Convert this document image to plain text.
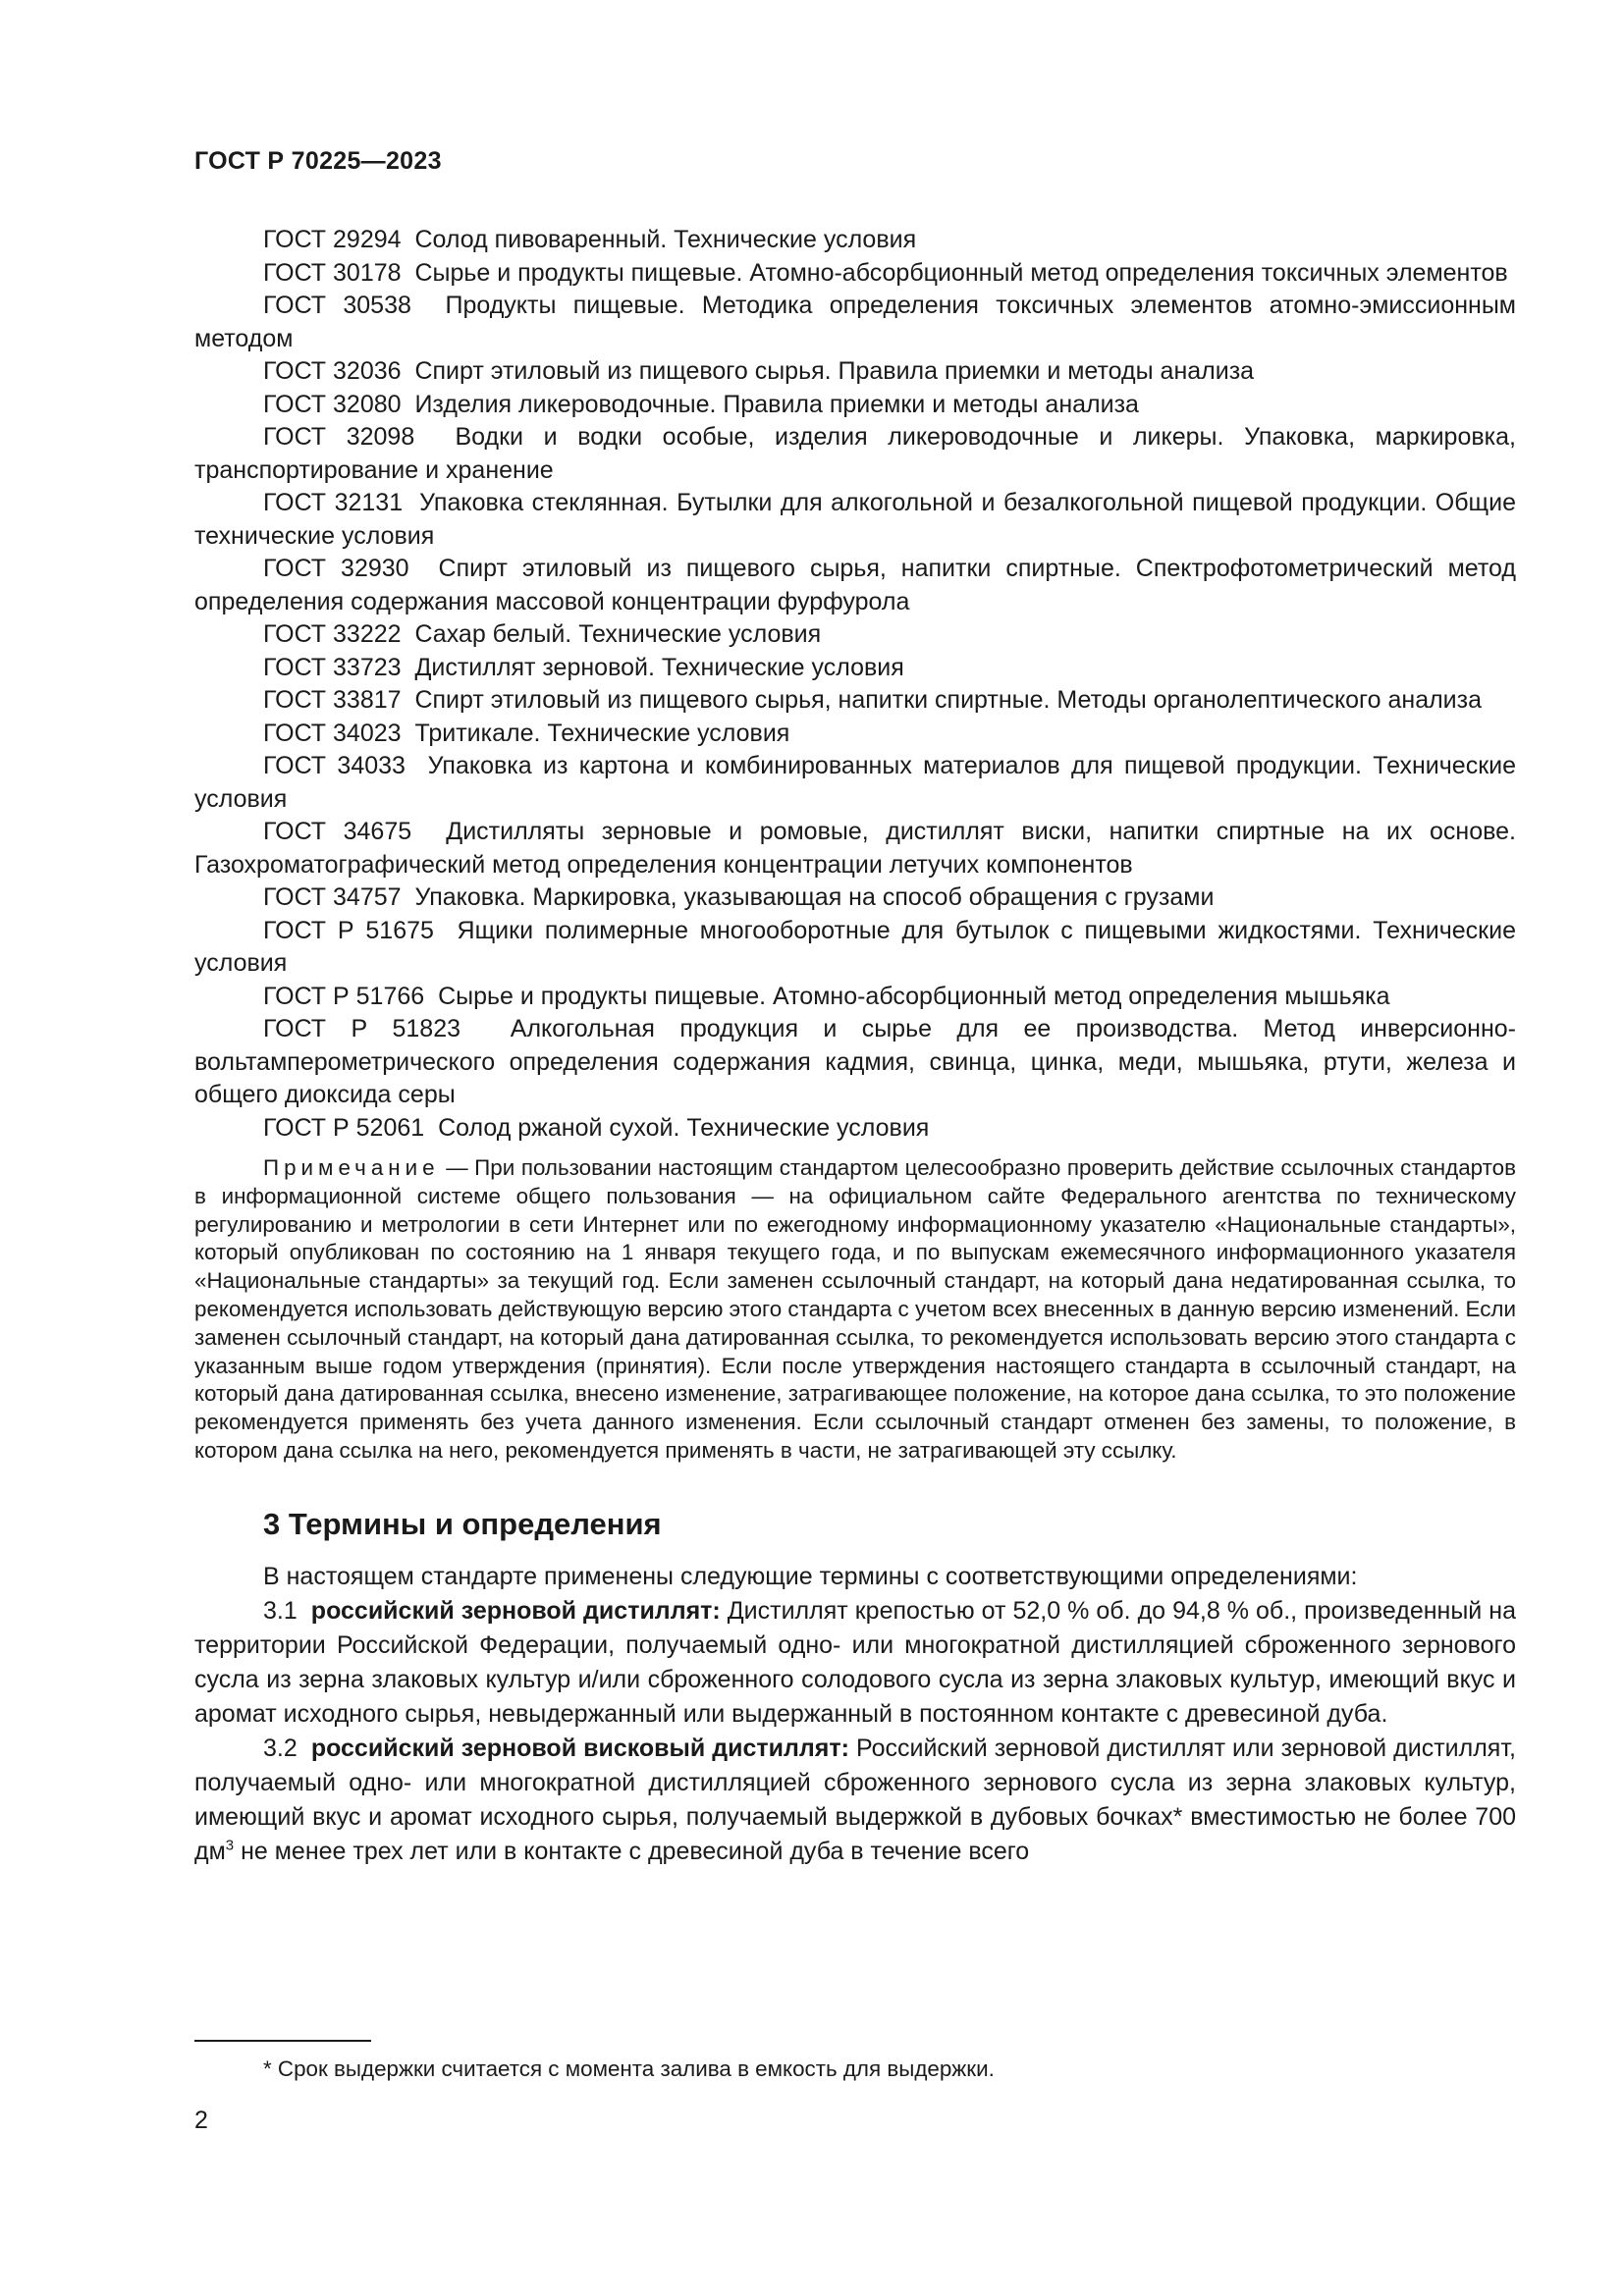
ГОСТ Р 70225—2023

ГОСТ 29294 Солод пивоваренный. Технические условия

ГОСТ 30178 Сырье и продукты пищевые. Атомно-абсорбционный метод определения токсичных элементов

ГОСТ 30538 Продукты пищевые. Методика определения токсичных элементов атомно-эмиссионным методом

ГОСТ 32036 Спирт этиловый из пищевого сырья. Правила приемки и методы анализа

ГОСТ 32080 Изделия ликероводочные. Правила приемки и методы анализа

ГОСТ 32098 Водки и водки особые, изделия ликероводочные и ликеры. Упаковка, маркировка, транспортирование и хранение

ГОСТ 32131 Упаковка стеклянная. Бутылки для алкогольной и безалкогольной пищевой продукции. Общие технические условия

ГОСТ 32930 Спирт этиловый из пищевого сырья, напитки спиртные. Спектрофотометрический метод определения содержания массовой концентрации фурфурола

ГОСТ 33222 Сахар белый. Технические условия

ГОСТ 33723 Дистиллят зерновой. Технические условия

ГОСТ 33817 Спирт этиловый из пищевого сырья, напитки спиртные. Методы органолептического анализа

ГОСТ 34023 Тритикале. Технические условия

ГОСТ 34033 Упаковка из картона и комбинированных материалов для пищевой продукции. Технические условия

ГОСТ 34675 Дистилляты зерновые и ромовые, дистиллят виски, напитки спиртные на их основе. Газохроматографический метод определения концентрации летучих компонентов

ГОСТ 34757 Упаковка. Маркировка, указывающая на способ обращения с грузами

ГОСТ Р 51675 Ящики полимерные многооборотные для бутылок с пищевыми жидкостями. Технические условия

ГОСТ Р 51766 Сырье и продукты пищевые. Атомно-абсорбционный метод определения мышьяка

ГОСТ Р 51823 Алкогольная продукция и сырье для ее производства. Метод инверсионно-вольтамперометрического определения содержания кадмия, свинца, цинка, меди, мышьяка, ртути, железа и общего диоксида серы

ГОСТ Р 52061 Солод ржаной сухой. Технические условия

Примечание — При пользовании настоящим стандартом целесообразно проверить действие ссылочных стандартов в информационной системе общего пользования — на официальном сайте Федерального агентства по техническому регулированию и метрологии в сети Интернет или по ежегодному информационному указателю «Национальные стандарты», который опубликован по состоянию на 1 января текущего года, и по выпускам ежемесячного информационного указателя «Национальные стандарты» за текущий год. Если заменен ссылочный стандарт, на который дана недатированная ссылка, то рекомендуется использовать действующую версию этого стандарта с учетом всех внесенных в данную версию изменений. Если заменен ссылочный стандарт, на который дана датированная ссылка, то рекомендуется использовать версию этого стандарта с указанным выше годом утверждения (принятия). Если после утверждения настоящего стандарта в ссылочный стандарт, на который дана датированная ссылка, внесено изменение, затрагивающее положение, на которое дана ссылка, то это положение рекомендуется применять без учета данного изменения. Если ссылочный стандарт отменен без замены, то положение, в котором дана ссылка на него, рекомендуется применять в части, не затрагивающей эту ссылку.
3 Термины и определения

В настоящем стандарте применены следующие термины с соответствующими определениями:

3.1 российский зерновой дистиллят: Дистиллят крепостью от 52,0 % об. до 94,8 % об., произведенный на территории Российской Федерации, получаемый одно- или многократной дистилляцией сброженного зернового сусла из зерна злаковых культур и/или сброженного солодового сусла из зерна злаковых культур, имеющий вкус и аромат исходного сырья, невыдержанный или выдержанный в постоянном контакте с древесиной дуба.

3.2 российский зерновой висковый дистиллят: Российский зерновой дистиллят или зерновой дистиллят, получаемый одно- или многократной дистилляцией сброженного зернового сусла из зерна злаковых культур, имеющий вкус и аромат исходного сырья, получаемый выдержкой в дубовых бочках* вместимостью не более 700 $дм^3$ не менее трех лет или в контакте с древесиной дуба в течение всего

* Срок выдержки считается с момента залива в емкость для выдержки.
2
